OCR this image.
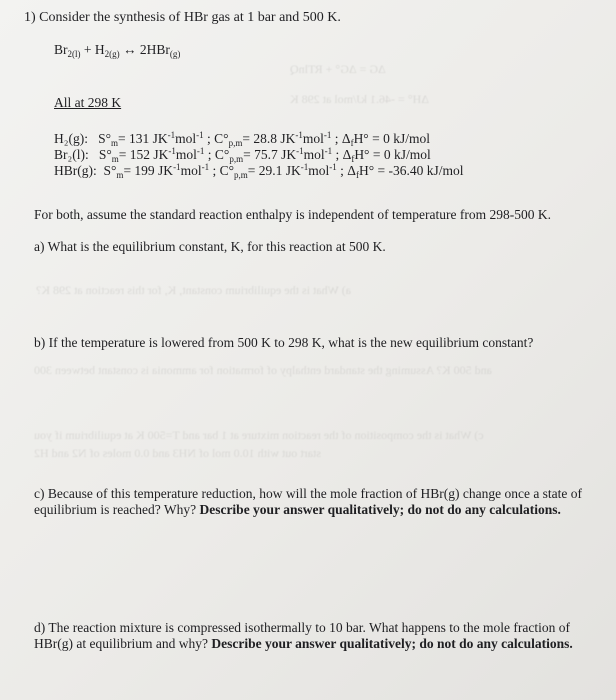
ΔG = ΔG° + RTlnQ
ΔH° = -46.1 kJ/mol at 298 K
a) What is the equilibrium constant, K, for this reaction at 298 K?
and 500 K? Assuming the standard enthalpy of formation for ammonia is constant between 300
c) What is the composition of the reaction mixture at 1 bar and T=500 K at equilibrium if you
start out with 10.0 mol of NH3 and 0.0 moles of N2 and H2
1) Consider the synthesis of HBr gas at 1 bar and 500 K.
$Br_{2(l)} + H_{2(g)}$ ↔ 2HBr$_{(g)}$
All at 298 K
H₂(g): $S^\circ_m= 131$ $JK^{-1}mol^{-1}$ ; $C^\circ_{p,m}= 28.8$ $JK^{-1}mol^{-1}$ ; $\Delta_fH^\circ = 0$ kJ/mol
Br₂(l): $S^\circ_m= 152$ $JK^{-1}mol^{-1}$ ; $C^\circ_{p,m}= 75.7$ $JK^{-1}mol^{-1}$ ; $\Delta_fH^\circ = 0$ kJ/mol
HBr(g): $S^\circ_m= 199$ $JK^{-1}mol^{-1}$ ; $C^\circ_{p,m}= 29.1$ $JK^{-1}mol^{-1}$ ; $\Delta_fH^\circ = -36.40$ kJ/mol
For both, assume the standard reaction enthalpy is independent of temperature from 298-500 K.
a) What is the equilibrium constant, K, for this reaction at 500 K.
b) If the temperature is lowered from 500 K to 298 K, what is the new equilibrium constant?
c) Because of this temperature reduction, how will the mole fraction of HBr(g) change once a state of equilibrium is reached? Why? Describe your answer qualitatively; do not do any calculations.
d) The reaction mixture is compressed isothermally to 10 bar. What happens to the mole fraction of HBr(g) at equilibrium and why? Describe your answer qualitatively; do not do any calculations.
